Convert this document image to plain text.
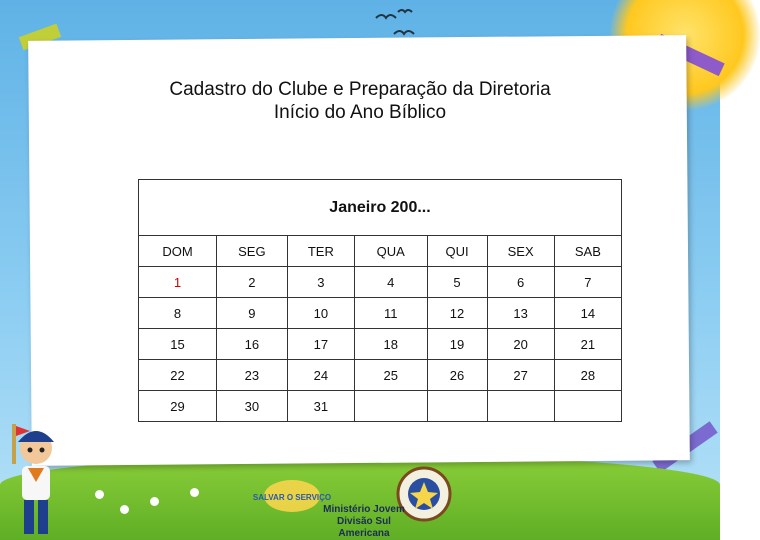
Cadastro do Clube e Preparação da Diretoria
Início do Ano Bíblico
Janeiro 200...						
DOM	SEG	TER	QUA	QUI	SEX	SAB
1	2	3	4	5	6	7
8	9	10	11	12	13	14
15	16	17	18	19	20	21
22	23	24	25	26	27	28
29	30	31				
SALVAR O SERVIÇO
Ministério Jovem
Divisão Sul Americana
